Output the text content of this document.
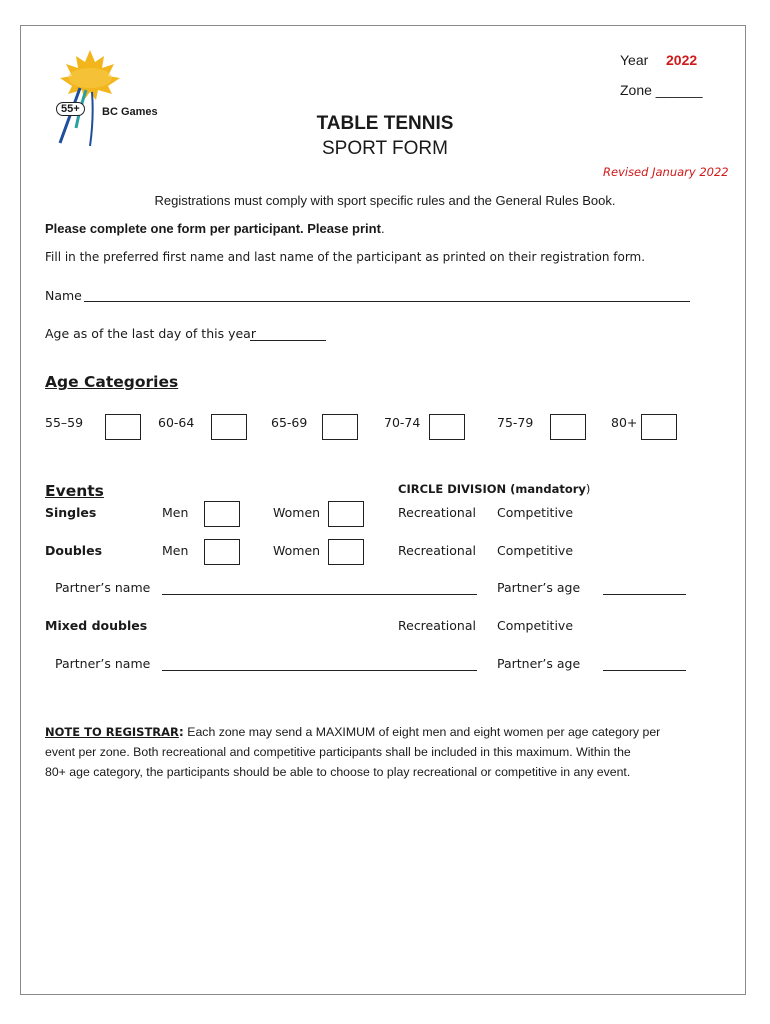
55+	BC Games
Year 2022
Zone ______
TABLE TENNIS
SPORT FORM
Revised January 2022
Registrations must comply with sport specific rules and the General Rules Book.
Please complete one form per participant. Please print.
Fill in the preferred first name and last name of the participant as printed on their registration form.
Name
Age as of the last day of this year
Age Categories
55–59	60-64	65-69	70-74	75-79	80+
Events	CIRCLE DIVISION (mandatory)
Singles	Men	Women	Recreational Competitive
Doubles	Men	Women	Recreational Competitive
Partner’s name	Partner’s age
Mixed doubles	Recreational Competitive
Partner’s name	Partner’s age
NOTE TO REGISTRAR: Each zone may send a MAXIMUM of eight men and eight women per age category per
event per zone. Both recreational and competitive participants shall be included in this maximum. Within the
80+ age category, the participants should be able to choose to play recreational or competitive in any event.
